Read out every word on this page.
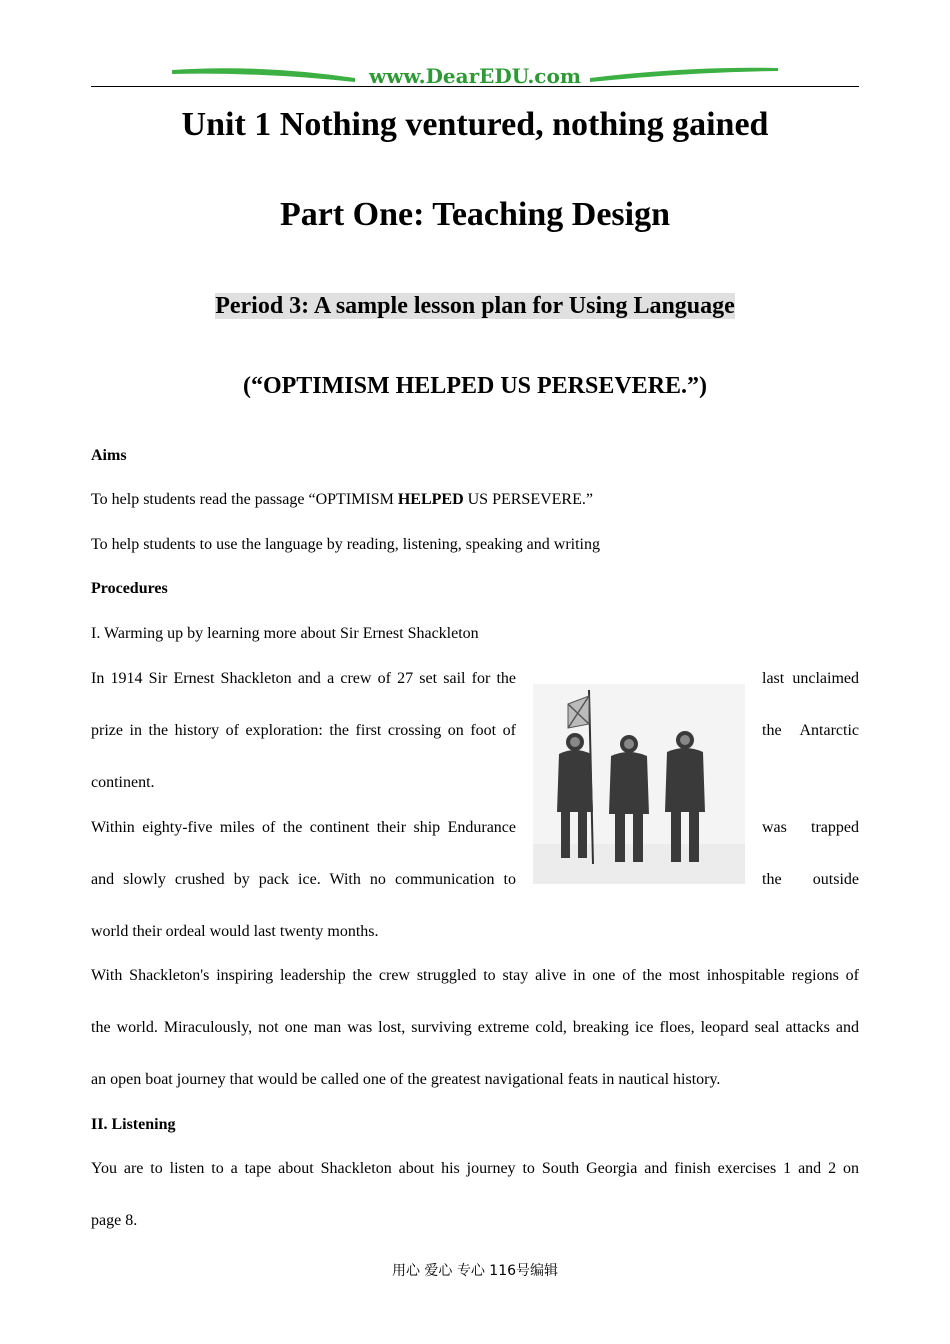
www.DearEDU.com
Unit 1 Nothing ventured, nothing gained
Part One: Teaching Design
Period 3: A sample lesson plan for Using Language
(“OPTIMISM HELPED US PERSEVERE.”)
Aims
To help students read the passage “OPTIMISM HELPED US PERSEVERE.”
To help students to use the language by reading, listening, speaking and writing
Procedures
I. Warming up by learning more about Sir Ernest Shackleton
In 1914 Sir Ernest Shackleton and a crew of 27 set sail for the	last unclaimed
prize in the history of exploration: the first crossing on foot of	the Antarctic
continent.
Within eighty-five miles of the continent their ship Endurance	was trapped
and slowly crushed by pack ice. With no communication to	the outside
world their ordeal would last twenty months.
With Shackleton's inspiring leadership the crew struggled to stay alive in one of the most inhospitable regions of
the world. Miraculously, not one man was lost, surviving extreme cold, breaking ice floes, leopard seal attacks and
an open boat journey that would be called one of the greatest navigational feats in nautical history.
II. Listening
You are to listen to a tape about Shackleton about his journey to South Georgia and finish exercises 1 and 2 on
page 8.
用心 爱心 专心 116号编辑
